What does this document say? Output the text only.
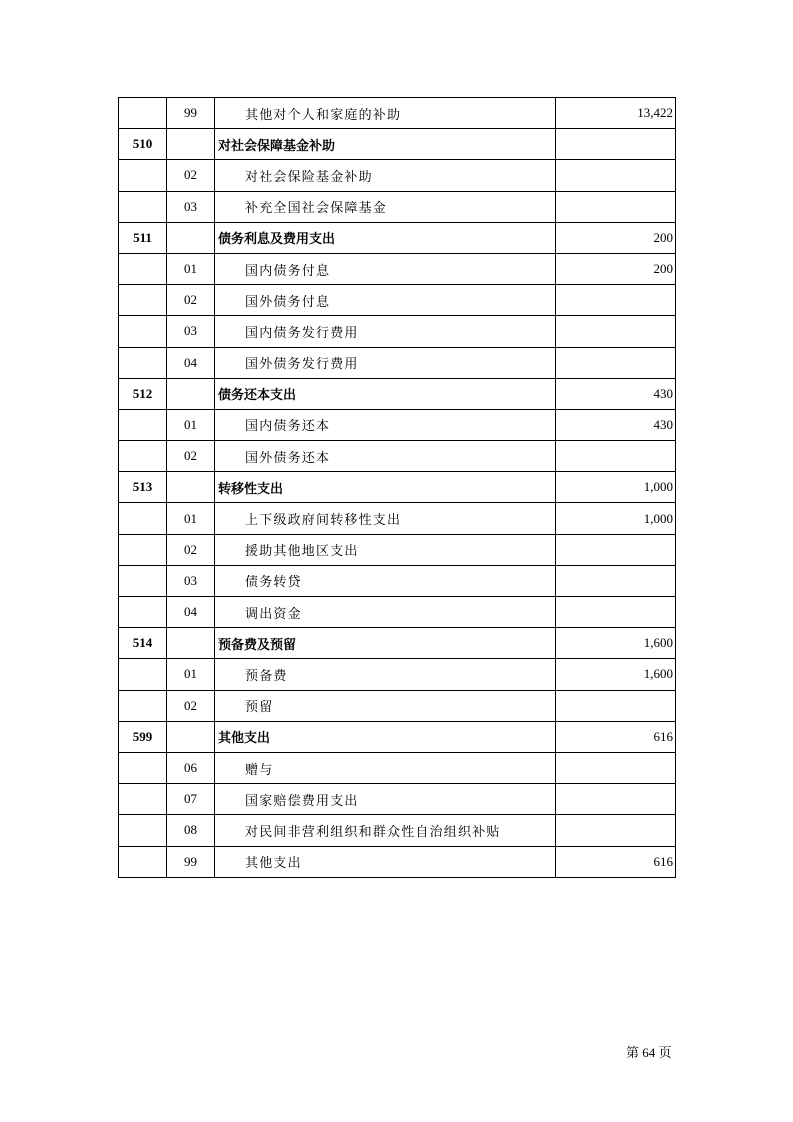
	99	其他对个人和家庭的补助	13,422
510		对社会保障基金补助	
	02	对社会保险基金补助	
	03	补充全国社会保障基金	
511		债务利息及费用支出	200
	01	国内债务付息	200
	02	国外债务付息	
	03	国内债务发行费用	
	04	国外债务发行费用	
512		债务还本支出	430
	01	国内债务还本	430
	02	国外债务还本	
513		转移性支出	1,000
	01	上下级政府间转移性支出	1,000
	02	援助其他地区支出	
	03	债务转贷	
	04	调出资金	
514		预备费及预留	1,600
	01	预备费	1,600
	02	预留	
599		其他支出	616
	06	赠与	
	07	国家赔偿费用支出	
	08	对民间非营利组织和群众性自治组织补贴	
	99	其他支出	616
第 64 页
